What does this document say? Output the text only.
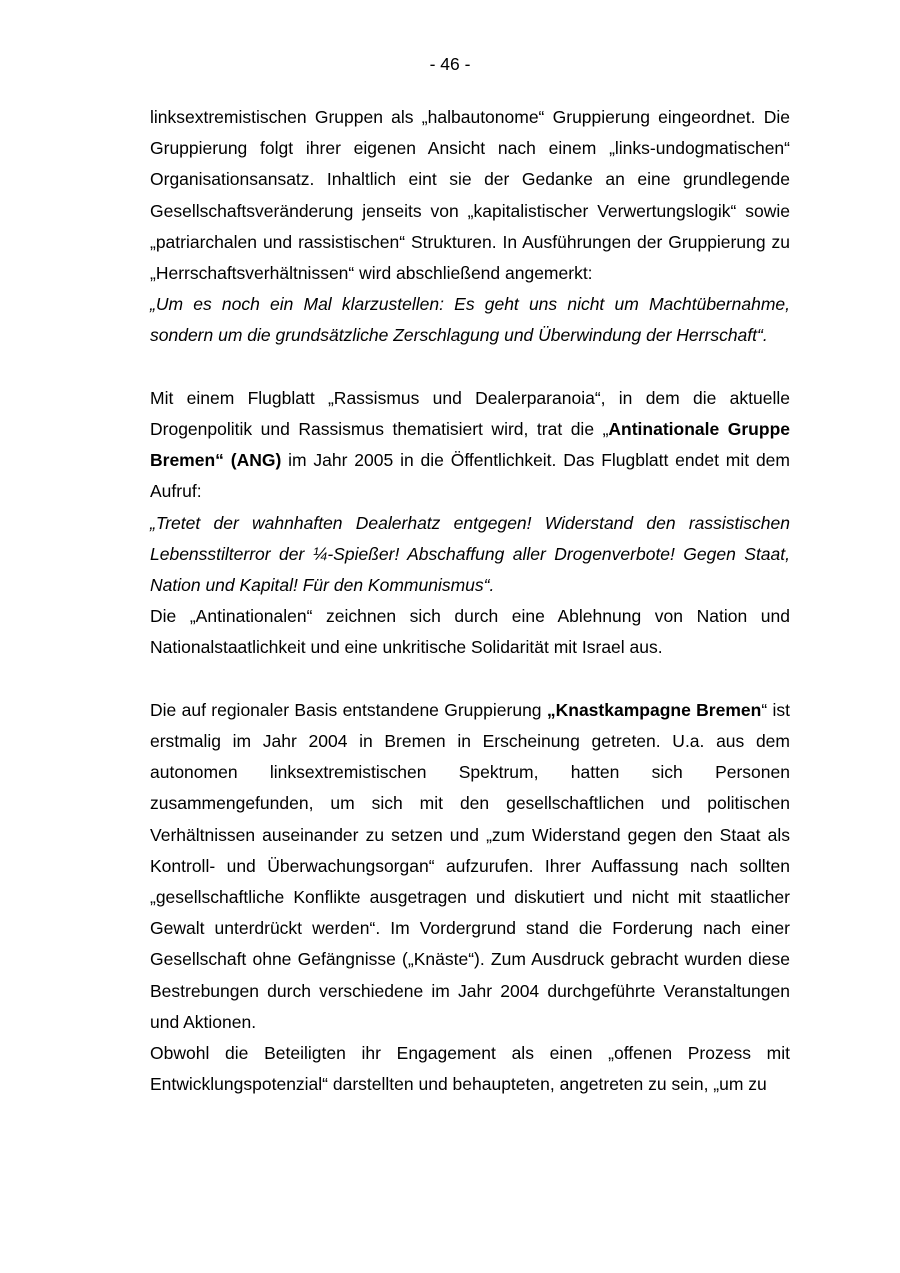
- 46 -

linksextremistischen Gruppen als „halbautonome“ Gruppierung eingeordnet. Die Gruppierung folgt ihrer eigenen Ansicht nach einem „links-undogmatischen“ Organisationsansatz. Inhaltlich eint sie der Gedanke an eine grundlegende Gesellschaftsveränderung jenseits von „kapitalistischer Verwertungslogik“ sowie „patriarchalen und rassistischen“ Strukturen. In Ausführungen der Gruppierung zu „Herrschaftsverhältnissen“ wird abschließend angemerkt:

„Um es noch ein Mal klarzustellen: Es geht uns nicht um Machtübernahme, sondern um die grundsätzliche Zerschlagung und Überwindung der Herrschaft“.

Mit einem Flugblatt „Rassismus und Dealerparanoia“, in dem die aktuelle Drogenpolitik und Rassismus thematisiert wird, trat die „Antinationale Gruppe Bremen“ (ANG) im Jahr 2005 in die Öffentlichkeit. Das Flugblatt endet mit dem Aufruf:

„Tretet der wahnhaften Dealerhatz entgegen! Widerstand den rassistischen Lebensstilterror der ¼-Spießer! Abschaffung aller Drogenverbote! Gegen Staat, Nation und Kapital! Für den Kommunismus“.

Die „Antinationalen“ zeichnen sich durch eine Ablehnung von Nation und Nationalstaatlichkeit und eine unkritische Solidarität mit Israel aus.

Die auf regionaler Basis entstandene Gruppierung „Knastkampagne Bremen“ ist erstmalig im Jahr 2004 in Bremen in Erscheinung getreten. U.a. aus dem autonomen linksextremistischen Spektrum, hatten sich Personen zusammengefunden, um sich mit den gesellschaftlichen und politischen Verhältnissen auseinander zu setzen und „zum Widerstand gegen den Staat als Kontroll- und Überwachungsorgan“ aufzurufen. Ihrer Auffassung nach sollten „gesellschaftliche Konflikte ausgetragen und diskutiert und nicht mit staatlicher Gewalt unterdrückt werden“. Im Vordergrund stand die Forderung nach einer Gesellschaft ohne Gefängnisse („Knäste“). Zum Ausdruck gebracht wurden diese Bestrebungen durch verschiedene im Jahr 2004 durchgeführte Veranstaltungen und Aktionen.

Obwohl die Beteiligten ihr Engagement als einen „offenen Prozess mit Entwicklungspotenzial“ darstellten und behaupteten, angetreten zu sein, „um zu
